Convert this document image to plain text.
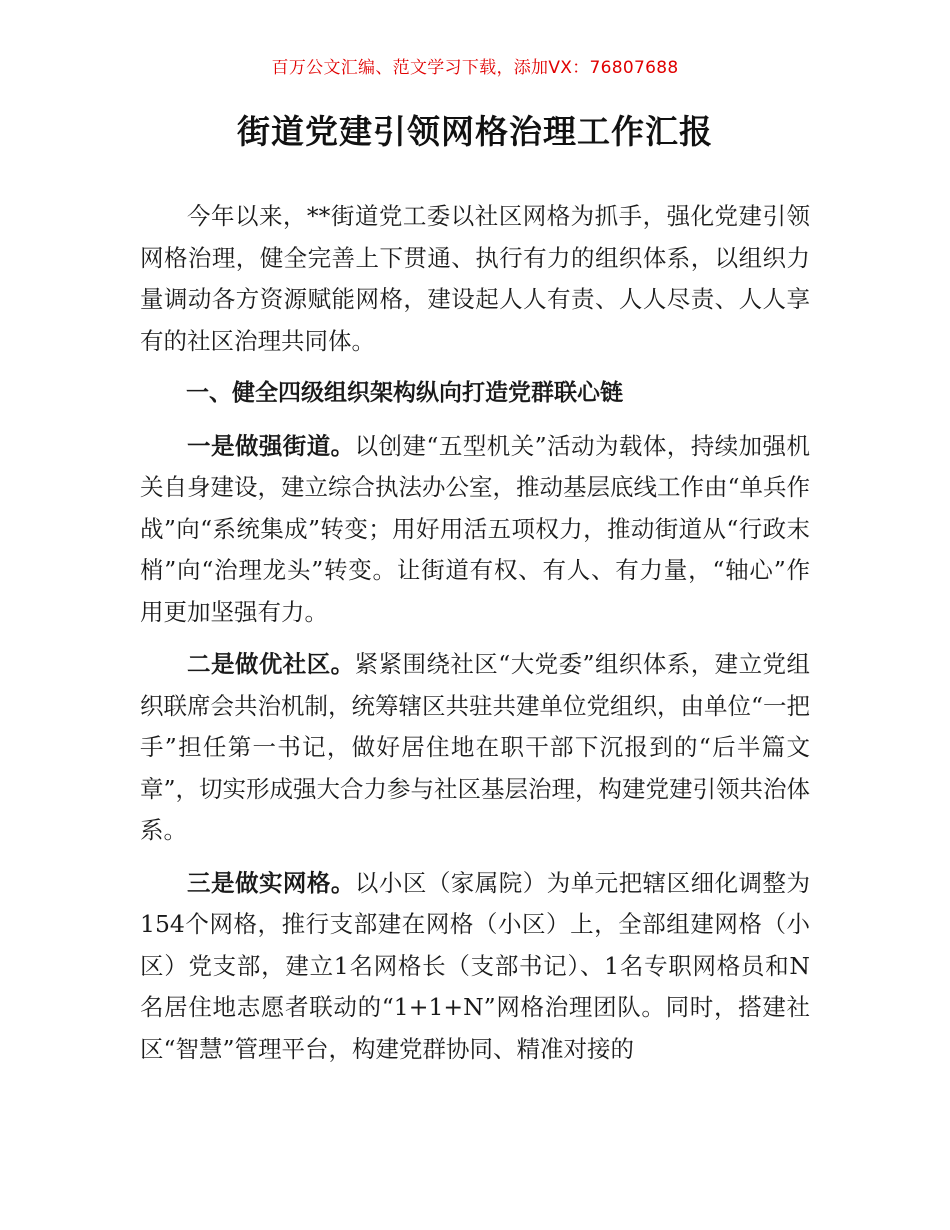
百万公文汇编、范文学习下载，添加VX：76807688
街道党建引领网格治理工作汇报

今年以来，**街道党工委以社区网格为抓手，强化党建引领网格治理，健全完善上下贯通、执行有力的组织体系，以组织力量调动各方资源赋能网格，建设起人人有责、人人尽责、人人享有的社区治理共同体。

一、健全四级组织架构纵向打造党群联心链

一是做强街道。以创建“五型机关”活动为载体，持续加强机关自身建设，建立综合执法办公室，推动基层底线工作由“单兵作战”向“系统集成”转变；用好用活五项权力，推动街道从“行政末梢”向“治理龙头”转变。让街道有权、有人、有力量，“轴心”作用更加坚强有力。

二是做优社区。紧紧围绕社区“大党委”组织体系，建立党组织联席会共治机制，统筹辖区共驻共建单位党组织，由单位“一把手”担任第一书记，做好居住地在职干部下沉报到的“后半篇文章”，切实形成强大合力参与社区基层治理，构建党建引领共治体系。

三是做实网格。以小区（家属院）为单元把辖区细化调整为154个网格，推行支部建在网格（小区）上，全部组建网格（小区）党支部，建立1名网格长（支部书记）、1名专职网格员和N名居住地志愿者联动的“1+1+N”网格治理团队。同时，搭建社区“智慧”管理平台，构建党群协同、精准对接的
